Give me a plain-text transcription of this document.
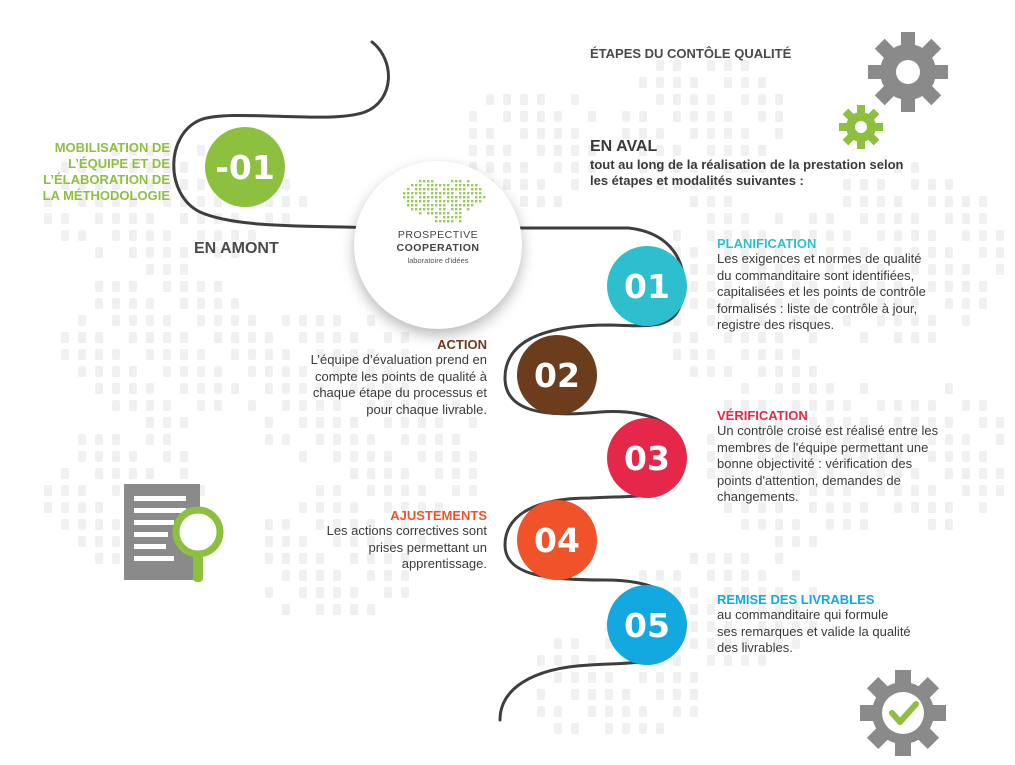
ÉTAPES DU CONTÔLE QUALITÉ
MOBILISATION DE
L’ÉQUIPE ET DE
L’ÉLABORATION DE
LA MÉTHODOLOGIE
-01
EN AMONT
PROSPECTIVE
COOPERATION
laboratoire d'idées
EN AVAL
tout au long de la réalisation de la prestation selon
les étapes et modalités suivantes :
01
02
03
04
05
PLANIFICATION
Les exigences et normes de qualité
du commanditaire sont identifiées,
capitalisées et les points de contrôle
formalisés : liste de contrôle à jour,
registre des risques.
ACTION
L’équipe d’évaluation prend en
compte les points de qualité à
chaque étape du processus et
pour chaque livrable.	VÉRIFICATION
Un contrôle croisé est réalisé entre les
membres de l'équipe permettant une
bonne objectivité : vérification des
points d'attention, demandes de
changements.
AJUSTEMENTS
Les actions correctives sont
prises permettant un
apprentissage.
REMISE DES LIVRABLES
au commanditaire qui formule
ses remarques et valide la qualité
des livrables.
